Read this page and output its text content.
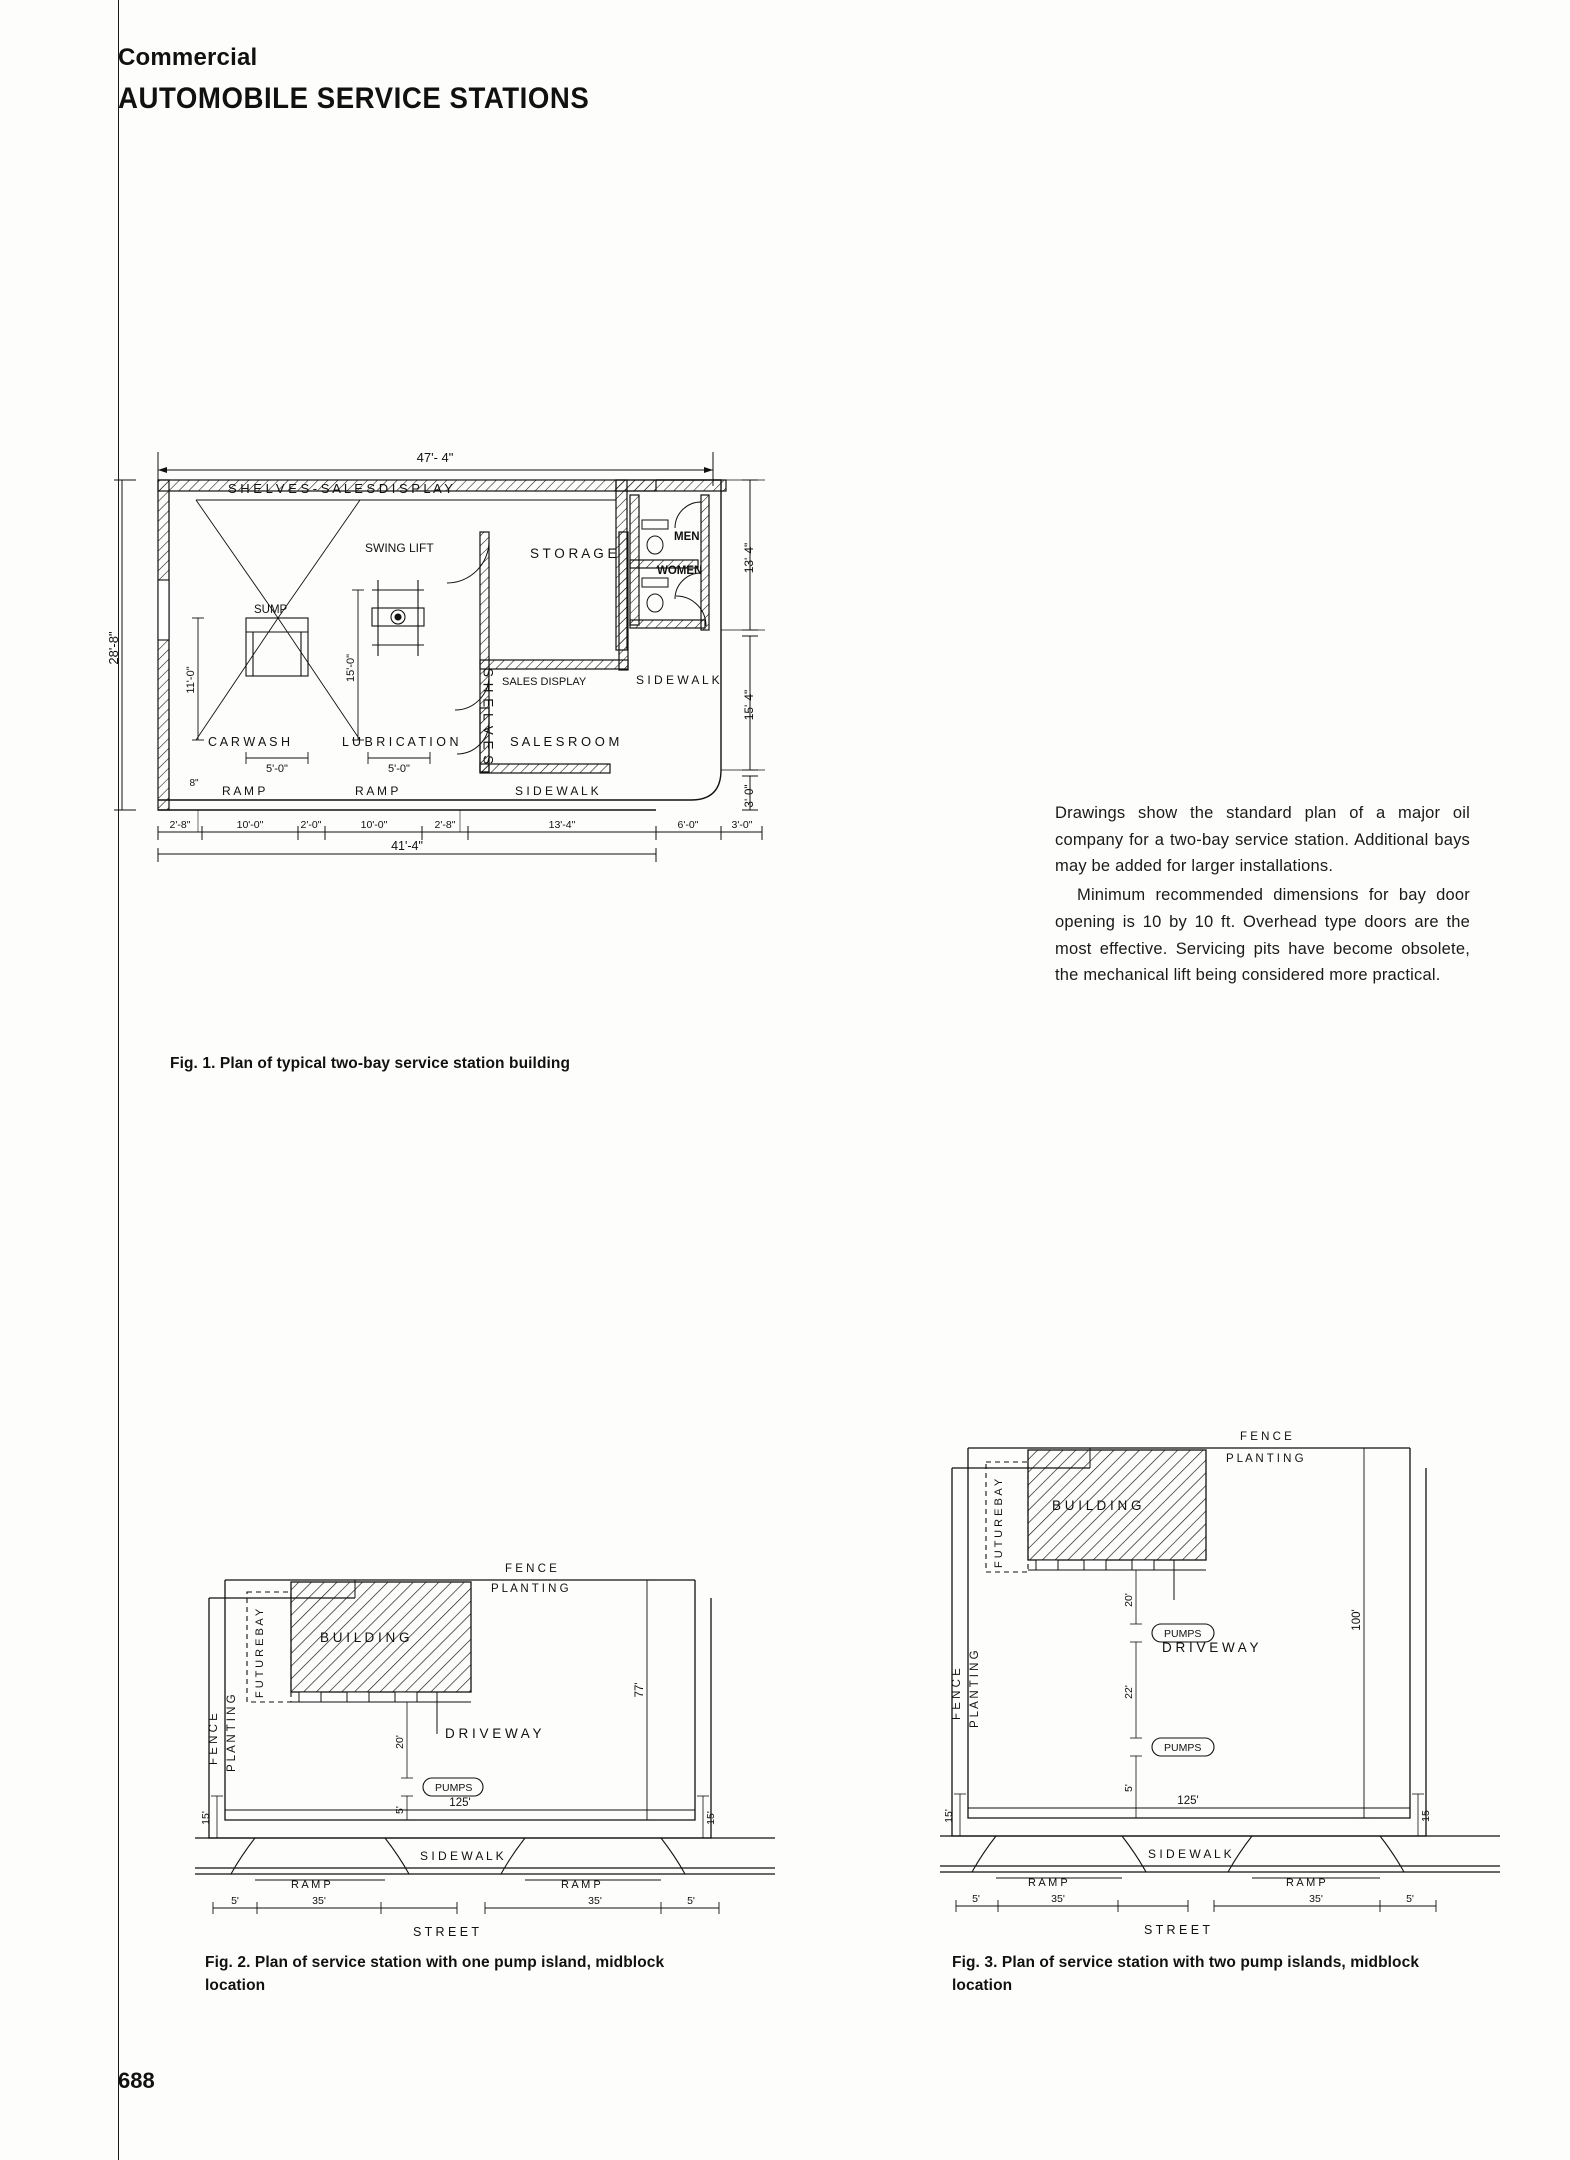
Commercial
AUTOMOBILE SERVICE STATIONS
47'- 4"
MEN
WOMEN
SUMP
SWING LIFT
S H E L V E S - S A L E S D I S P L A Y
S T O R A G E
S H E L V E S SALES DISPLAY	S I D E W A L K
S A L E S R O O M
C A R W A S H	L U B R I C A T I O N
R A M P	R A M P	S I D E W A L K
28'-8"
13'-4"
15'-4"
3'-0"
11'-0"	15'-0"
5'-0"	5'-0"
2'-8"	10'-0"	2'-0"	10'-0"	2'-8"	13'-4"	6'-0"	3'-0"
41'-4"
8"
Fig. 1. Plan of typical two-bay service station building

Drawings show the standard plan of a major oil company for a two-bay service station. Additional bays may be added for larger installations.

Minimum recommended dimensions for bay door opening is 10 by 10 ft. Overhead type doors are the most effective. Servicing pits have become obsolete, the mechanical lift being considered more practical.

F E N C E
P L A N T I N G
F E N C E P L A N T I N G
F U T U R E B A Y	B U I L D I N G
D R I V E W A Y
PUMPS
20'
5'
77'
125'
15'	15'
S I D E W A L K
R A M P	R A M P
5'	35'	35'	5'
S T R E E T
Fig. 2. Plan of service station with one pump island, midblock location
F E N C E
P L A N T I N G
F E N C E P L A N T I N G
F U T U R E B A Y	B U I L D I N G
D R I V E W A Y
PUMPS
PUMPS
20'
22'
5'
100'
125'
15'	15
S I D E W A L K
R A M P	R A M P
5'	35'	35'	5'
S T R E E T
Fig. 3. Plan of service station with two pump islands, midblock location
688
